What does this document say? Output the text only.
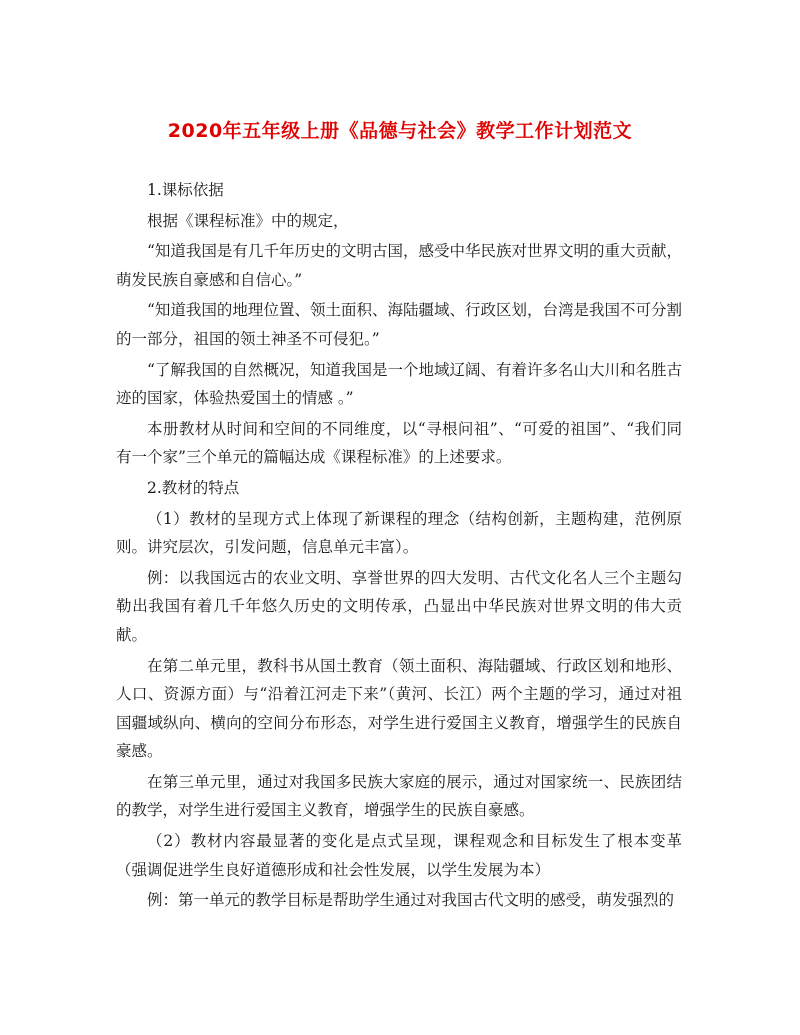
2020年五年级上册《品德与社会》教学工作计划范文

1.课标依据

根据《课程标准》中的规定，

“知道我国是有几千年历史的文明古国，感受中华民族对世界文明的重大贡献，萌发民族自豪感和自信心。”

“知道我国的地理位置、领土面积、海陆疆域、行政区划，台湾是我国不可分割的一部分，祖国的领土神圣不可侵犯。”

“了解我国的自然概况，知道我国是一个地域辽阔、有着许多名山大川和名胜古迹的国家，体验热爱国土的情感 。”

本册教材从时间和空间的不同维度，以“寻根问祖”、“可爱的祖国”、“我们同有一个家”三个单元的篇幅达成《课程标准》的上述要求。

2.教材的特点

（1）教材的呈现方式上体现了新课程的理念（结构创新，主题构建，范例原则。讲究层次，引发问题，信息单元丰富）。

例：以我国远古的农业文明、享誉世界的四大发明、古代文化名人三个主题勾勒出我国有着几千年悠久历史的文明传承，凸显出中华民族对世界文明的伟大贡献。

在第二单元里，教科书从国土教育（领土面积、海陆疆域、行政区划和地形、人口、资源方面）与“沿着江河走下来”（黄河、长江）两个主题的学习，通过对祖国疆域纵向、横向的空间分布形态，对学生进行爱国主义教育，增强学生的民族自豪感。

在第三单元里，通过对我国多民族大家庭的展示，通过对国家统一、民族团结的教学，对学生进行爱国主义教育，增强学生的民族自豪感。

（2）教材内容最显著的变化是点式呈现，课程观念和目标发生了根本变革（强调促进学生良好道德形成和社会性发展，以学生发展为本）

例：第一单元的教学目标是帮助学生通过对我国古代文明的感受，萌发强烈的
